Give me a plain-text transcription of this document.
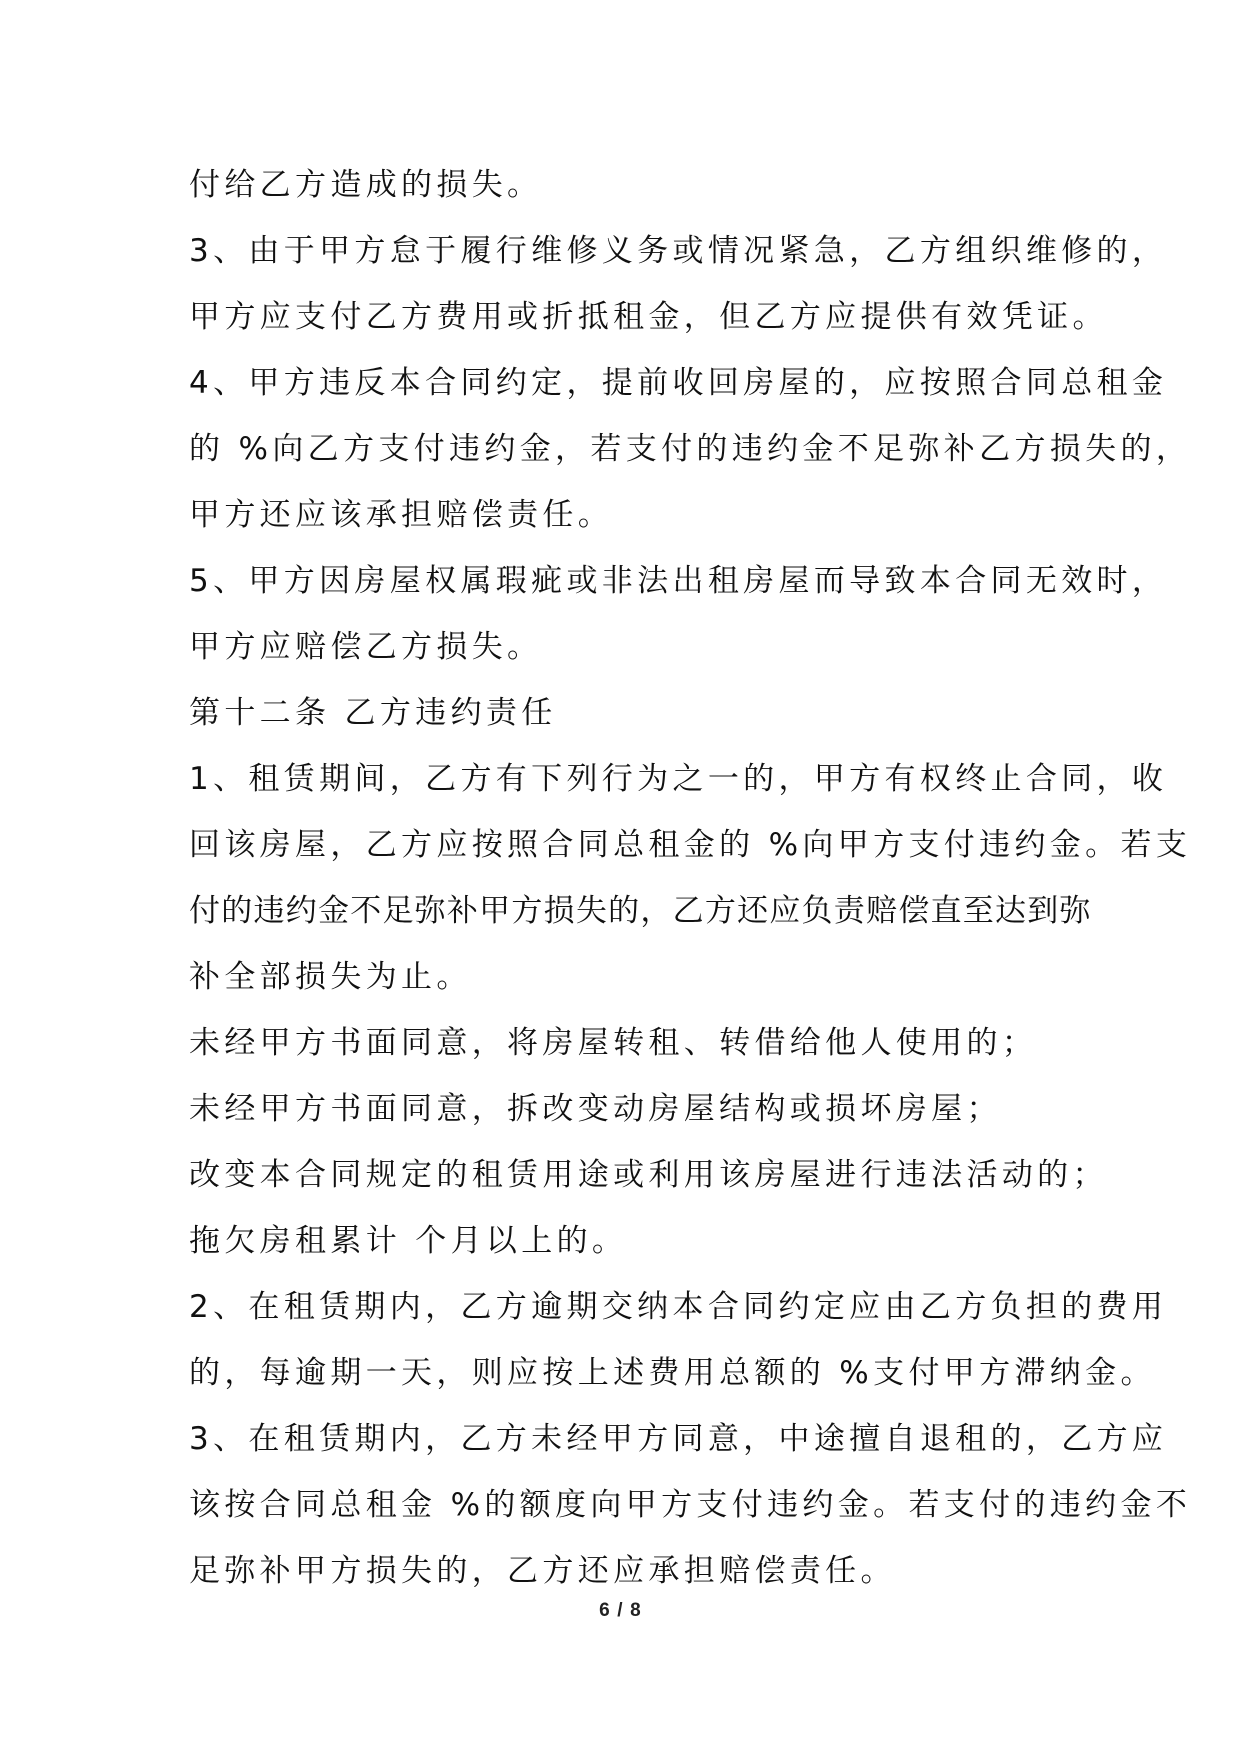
付给乙方造成的损失。
3、由于甲方怠于履行维修义务或情况紧急，乙方组织维修的，
甲方应支付乙方费用或折抵租金，但乙方应提供有效凭证。
4、甲方违反本合同约定，提前收回房屋的，应按照合同总租金
的 %向乙方支付违约金，若支付的违约金不足弥补乙方损失的，
甲方还应该承担赔偿责任。
5、甲方因房屋权属瑕疵或非法出租房屋而导致本合同无效时，
甲方应赔偿乙方损失。
第十二条 乙方违约责任
1、租赁期间，乙方有下列行为之一的，甲方有权终止合同，收
回该房屋，乙方应按照合同总租金的 %向甲方支付违约金。若支
付的违约金不足弥补甲方损失的，乙方还应负责赔偿直至达到弥
补全部损失为止。
未经甲方书面同意，将房屋转租、转借给他人使用的；
未经甲方书面同意，拆改变动房屋结构或损坏房屋；
改变本合同规定的租赁用途或利用该房屋进行违法活动的；
拖欠房租累计 个月以上的。
2、在租赁期内，乙方逾期交纳本合同约定应由乙方负担的费用
的，每逾期一天，则应按上述费用总额的 %支付甲方滞纳金。
3、在租赁期内，乙方未经甲方同意，中途擅自退租的，乙方应
该按合同总租金 %的额度向甲方支付违约金。若支付的违约金不
足弥补甲方损失的，乙方还应承担赔偿责任。
6 / 8
